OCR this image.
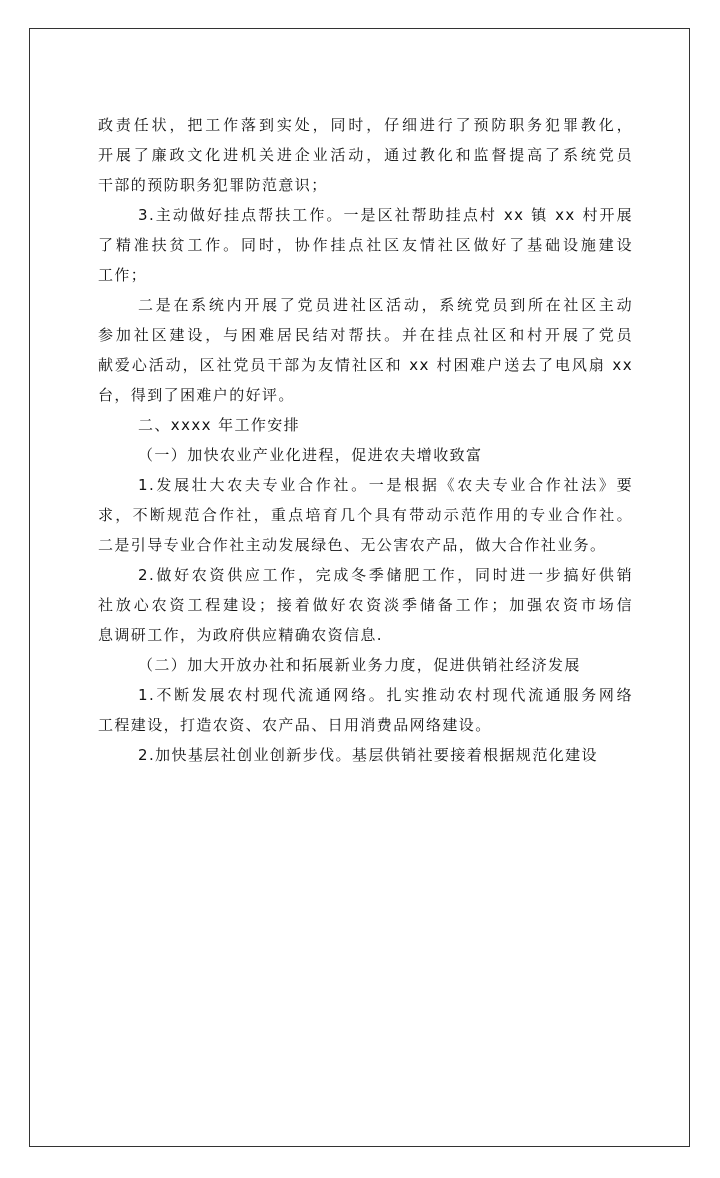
政责任状，把工作落到实处，同时，仔细进行了预防职务犯罪教化，
开展了廉政文化进机关进企业活动，通过教化和监督提高了系统党员
干部的预防职务犯罪防范意识；
3.主动做好挂点帮扶工作。一是区社帮助挂点村 xx 镇 xx 村开展
了精准扶贫工作。同时，协作挂点社区友情社区做好了基础设施建设
工作；
二是在系统内开展了党员进社区活动，系统党员到所在社区主动
参加社区建设，与困难居民结对帮扶。并在挂点社区和村开展了党员
献爱心活动，区社党员干部为友情社区和 xx 村困难户送去了电风扇 xx
台，得到了困难户的好评。
二、xxxx 年工作安排
（一）加快农业产业化进程，促进农夫增收致富
1.发展壮大农夫专业合作社。一是根据《农夫专业合作社法》要
求，不断规范合作社，重点培育几个具有带动示范作用的专业合作社。
二是引导专业合作社主动发展绿色、无公害农产品，做大合作社业务。
2.做好农资供应工作，完成冬季储肥工作，同时进一步搞好供销
社放心农资工程建设；接着做好农资淡季储备工作；加强农资市场信
息调研工作，为政府供应精确农资信息.
（二）加大开放办社和拓展新业务力度，促进供销社经济发展
1.不断发展农村现代流通网络。扎实推动农村现代流通服务网络
工程建设，打造农资、农产品、日用消费品网络建设。
2.加快基层社创业创新步伐。基层供销社要接着根据规范化建设
